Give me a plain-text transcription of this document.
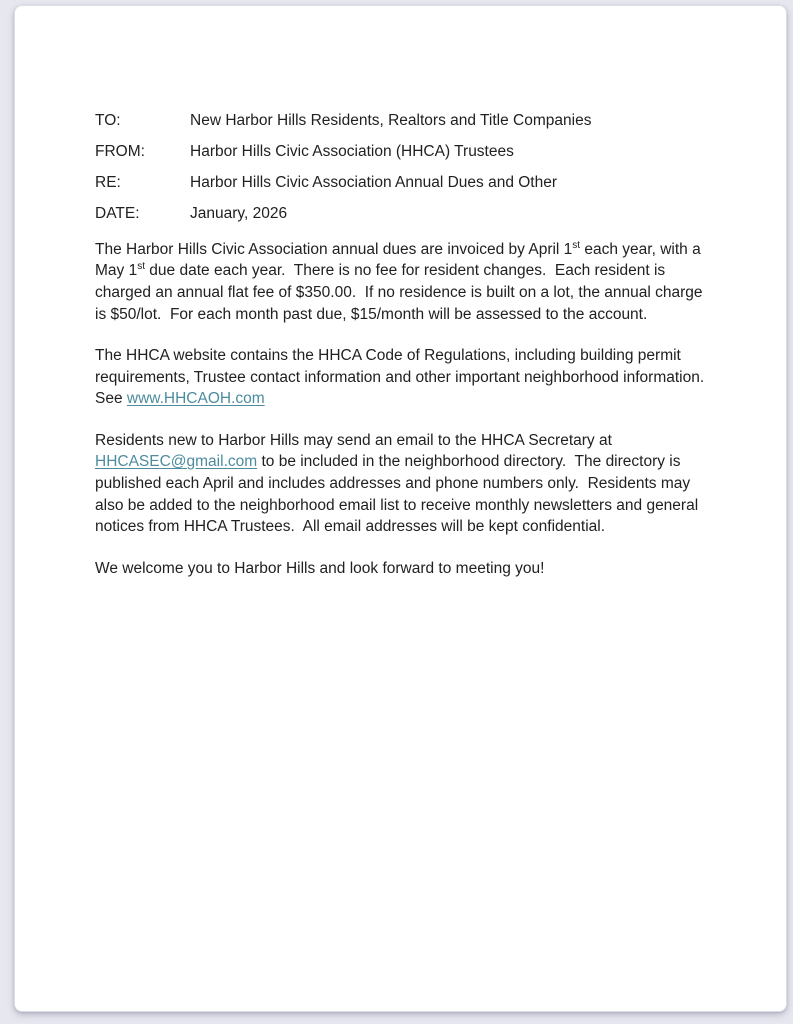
TO:	New Harbor Hills Residents, Realtors and Title Companies
FROM:	Harbor Hills Civic Association (HHCA) Trustees
RE:	Harbor Hills Civic Association Annual Dues and Other
DATE:	January, 2026

The Harbor Hills Civic Association annual dues are invoiced by April 1st each year, with a May 1st due date each year.  There is no fee for resident changes.  Each resident is charged an annual flat fee of $350.00.  If no residence is built on a lot, the annual charge is $50/lot.  For each month past due, $15/month will be assessed to the account.

The HHCA website contains the HHCA Code of Regulations, including building permit requirements, Trustee contact information and other important neighborhood information. See www.HHCAOH.com

Residents new to Harbor Hills may send an email to the HHCA Secretary at HHCASEC@gmail.com to be included in the neighborhood directory.  The directory is published each April and includes addresses and phone numbers only.  Residents may also be added to the neighborhood email list to receive monthly newsletters and general notices from HHCA Trustees.  All email addresses will be kept confidential.

We welcome you to Harbor Hills and look forward to meeting you!
